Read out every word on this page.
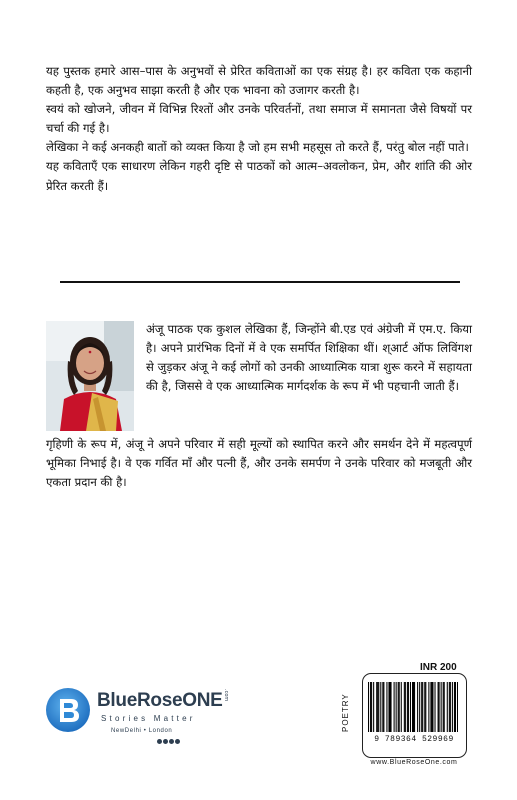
यह पुस्तक हमारे आस–पास के अनुभवों से प्रेरित कविताओं का एक संग्रह है। हर कविता एक कहानी कहती है, एक अनुभव साझा करती है और एक भावना को उजागर करती है।

स्वयं को खोजने, जीवन में विभिन्न रिश्तों और उनके परिवर्तनों, तथा समाज में समानता जैसे विषयों पर चर्चा की गई है।

लेखिका ने कई अनकही बातों को व्यक्त किया है जो हम सभी महसूस तो करते हैं, परंतु बोल नहीं पाते।

यह कविताएँ एक साधारण लेकिन गहरी दृष्टि से पाठकों को आत्म–अवलोकन, प्रेम, और शांति की ओर प्रेरित करती हैं।

अंजू पाठक एक कुशल लेखिका हैं, जिन्होंने बी.एड एवं अंग्रेजी में एम.ए. किया है। अपने प्रारंभिक दिनों में वे एक समर्पित शिक्षिका थीं। श्आर्ट ऑफ लिविंगश से जुड़कर अंजू ने कई लोगों को उनकी आध्यात्मिक यात्रा शुरू करने में सहायता की है, जिससे वे एक आध्यात्मिक मार्गदर्शक के रूप में भी पहचानी जाती हैं।

गृहिणी के रूप में, अंजू ने अपने परिवार में सही मूल्यों को स्थापित करने और समर्थन देने में महत्वपूर्ण भूमिका निभाई है। वे एक गर्वित माँ और पत्नी हैं, और उनके समर्पण ने उनके परिवार को मजबूती और एकता प्रदान की है।

BlueRoseONE .com
Stories Matter
NewDelhi • London
INR 200
POETRY
9 789364 529969
www.BlueRoseOne.com
